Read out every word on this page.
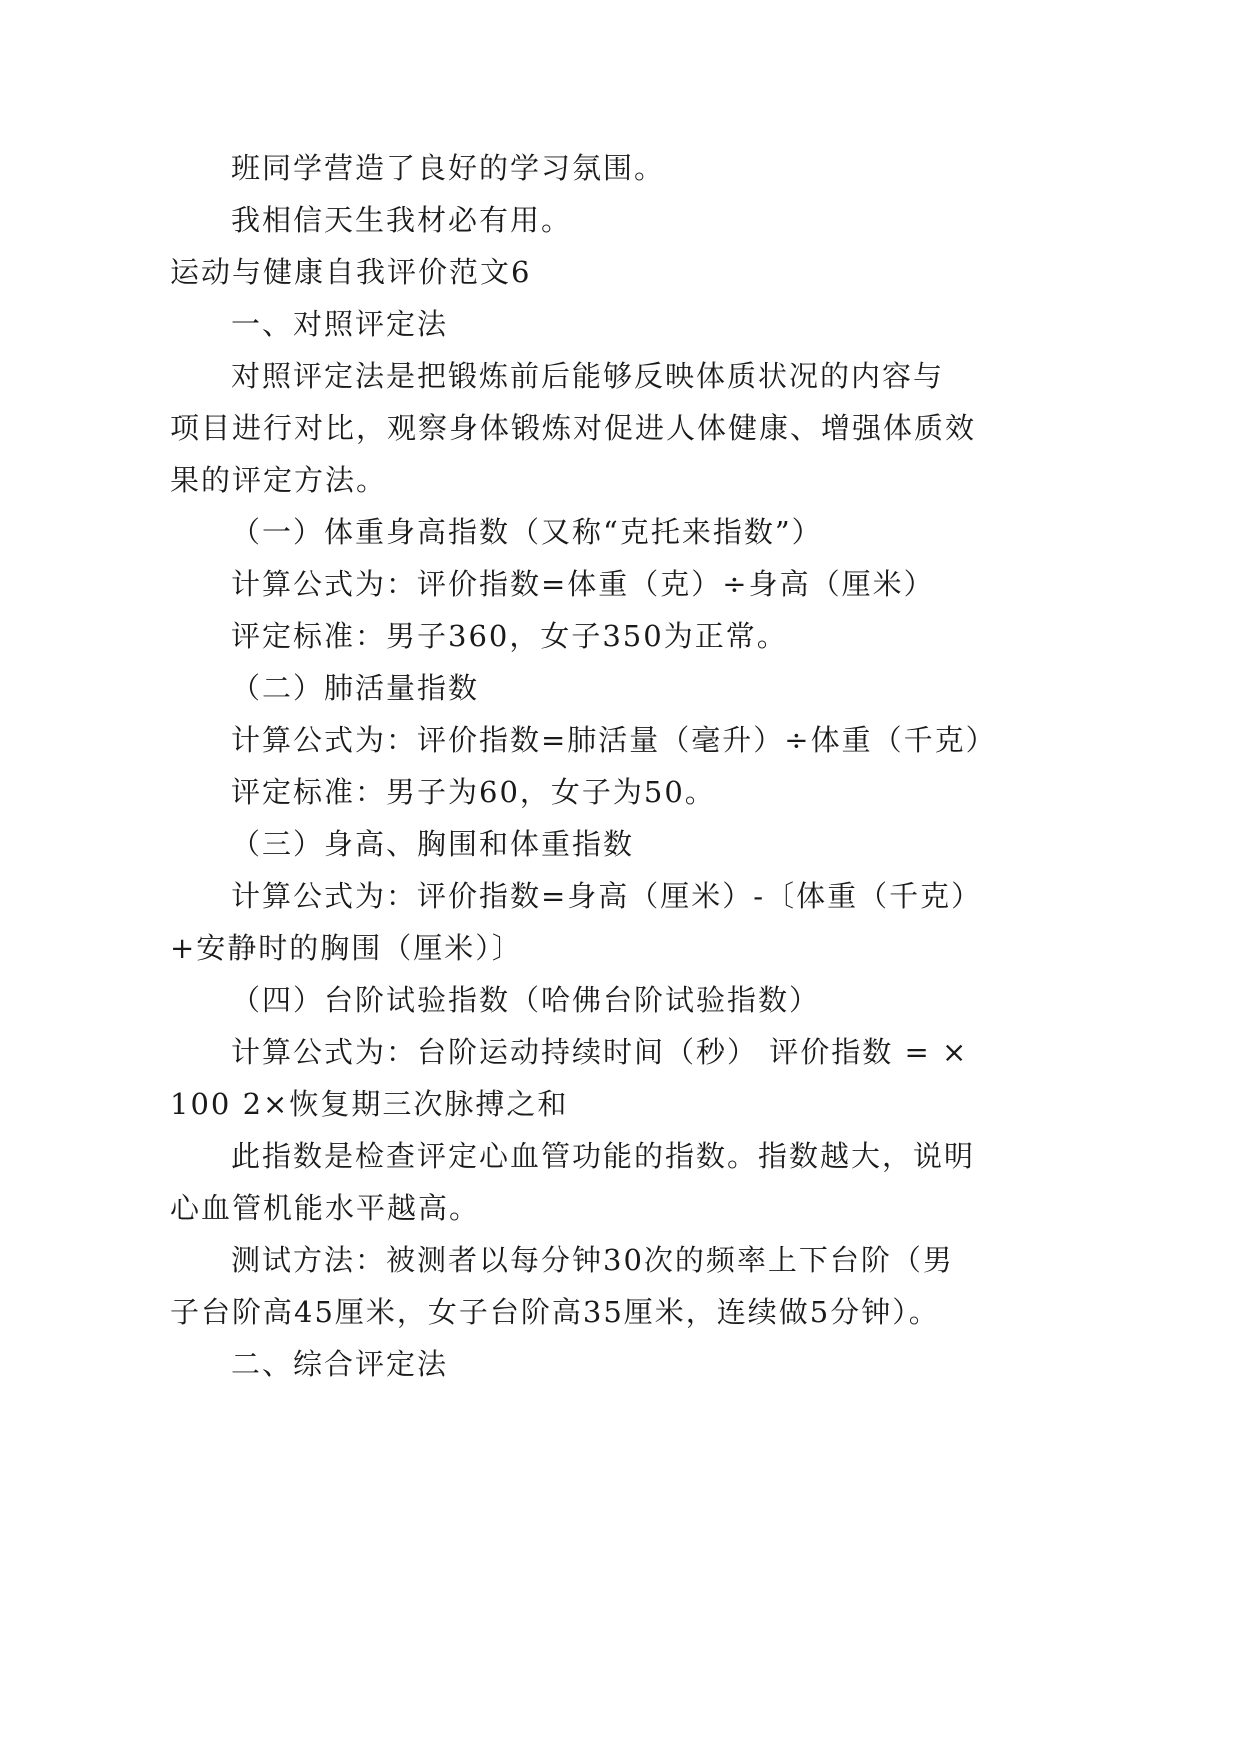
班同学营造了良好的学习氛围。
我相信天生我材必有用。
运动与健康自我评价范文6
一、对照评定法
对照评定法是把锻炼前后能够反映体质状况的内容与
项目进行对比，观察身体锻炼对促进人体健康、增强体质效
果的评定方法。
（一）体重身高指数（又称“克托来指数”）
计算公式为：评价指数=体重（克）÷身高（厘米）
评定标准：男子360，女子350为正常。
（二）肺活量指数
计算公式为：评价指数=肺活量（毫升）÷体重（千克）
评定标准：男子为60，女子为50。
（三）身高、胸围和体重指数
计算公式为：评价指数=身高（厘米）-〔体重（千克）
+安静时的胸围（厘米）〕
（四）台阶试验指数（哈佛台阶试验指数）
计算公式为：台阶运动持续时间（秒） 评价指数 = ×
100 2×恢复期三次脉搏之和
此指数是检查评定心血管功能的指数。指数越大，说明
心血管机能水平越高。
测试方法：被测者以每分钟30次的频率上下台阶（男
子台阶高45厘米，女子台阶高35厘米，连续做5分钟）。
二、综合评定法
